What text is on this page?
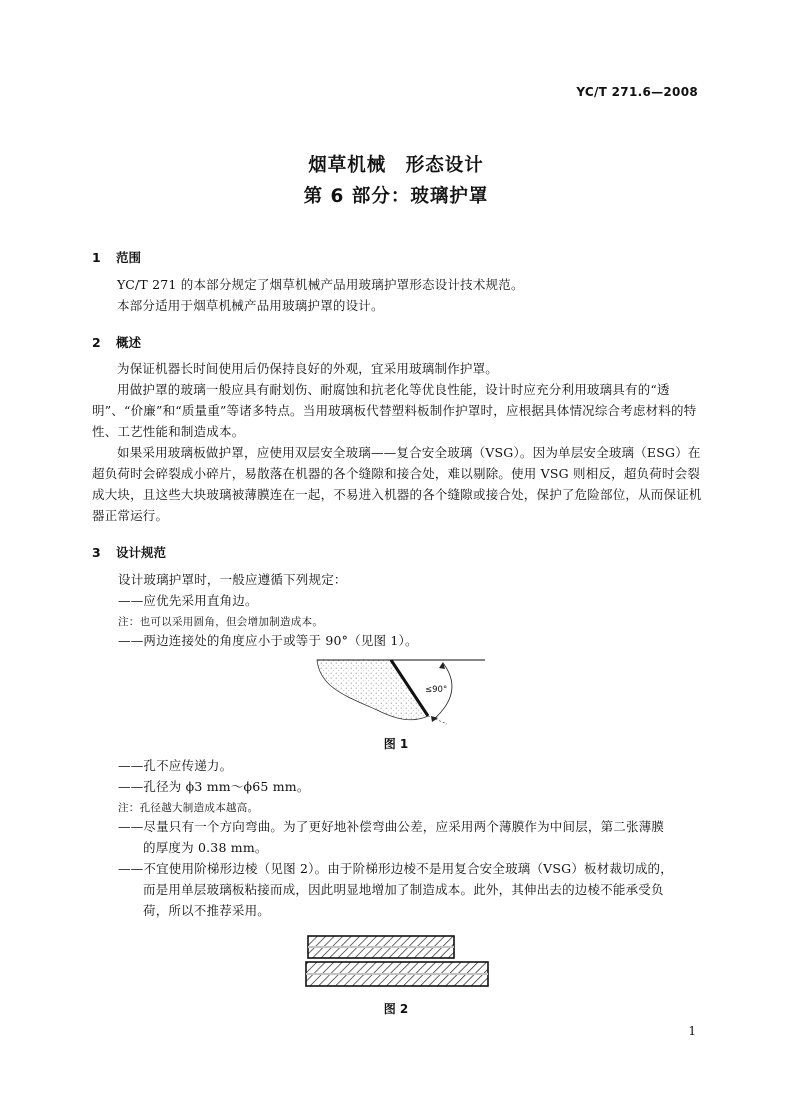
YC/T 271.6—2008
烟草机械　形态设计
第 6 部分：玻璃护罩
1 范围

YC/T 271 的本部分规定了烟草机械产品用玻璃护罩形态设计技术规范。

本部分适用于烟草机械产品用玻璃护罩的设计。

2 概述

为保证机器长时间使用后仍保持良好的外观，宜采用玻璃制作护罩。

用做护罩的玻璃一般应具有耐划伤、耐腐蚀和抗老化等优良性能，设计时应充分利用玻璃具有的“透明”、“价廉”和“质量重”等诸多特点。当用玻璃板代替塑料板制作护罩时，应根据具体情况综合考虑材料的特性、工艺性能和制造成本。

如果采用玻璃板做护罩，应使用双层安全玻璃——复合安全玻璃（VSG）。因为单层安全玻璃（ESG）在超负荷时会碎裂成小碎片，易散落在机器的各个缝隙和接合处，难以剔除。使用 VSG 则相反，超负荷时会裂成大块，且这些大块玻璃被薄膜连在一起，不易进入机器的各个缝隙或接合处，保护了危险部位，从而保证机器正常运行。

3 设计规范
设计玻璃护罩时，一般应遵循下列规定：
——应优先采用直角边。
注：也可以采用圆角，但会增加制造成本。
——两边连接处的角度应小于或等于 90°（见图 1）。
≤90°
图 1
——孔不应传递力。
——孔径为 ϕ3 mm～ϕ65 mm。
注：孔径越大制造成本越高。
——尽量只有一个方向弯曲。为了更好地补偿弯曲公差，应采用两个薄膜作为中间层，第二张薄膜
的厚度为 0.38 mm。
——不宜使用阶梯形边棱（见图 2）。由于阶梯形边棱不是用复合安全玻璃（VSG）板材裁切成的，
而是用单层玻璃板粘接而成，因此明显地增加了制造成本。此外，其伸出去的边棱不能承受负
荷，所以不推荐采用。
图 2
1
